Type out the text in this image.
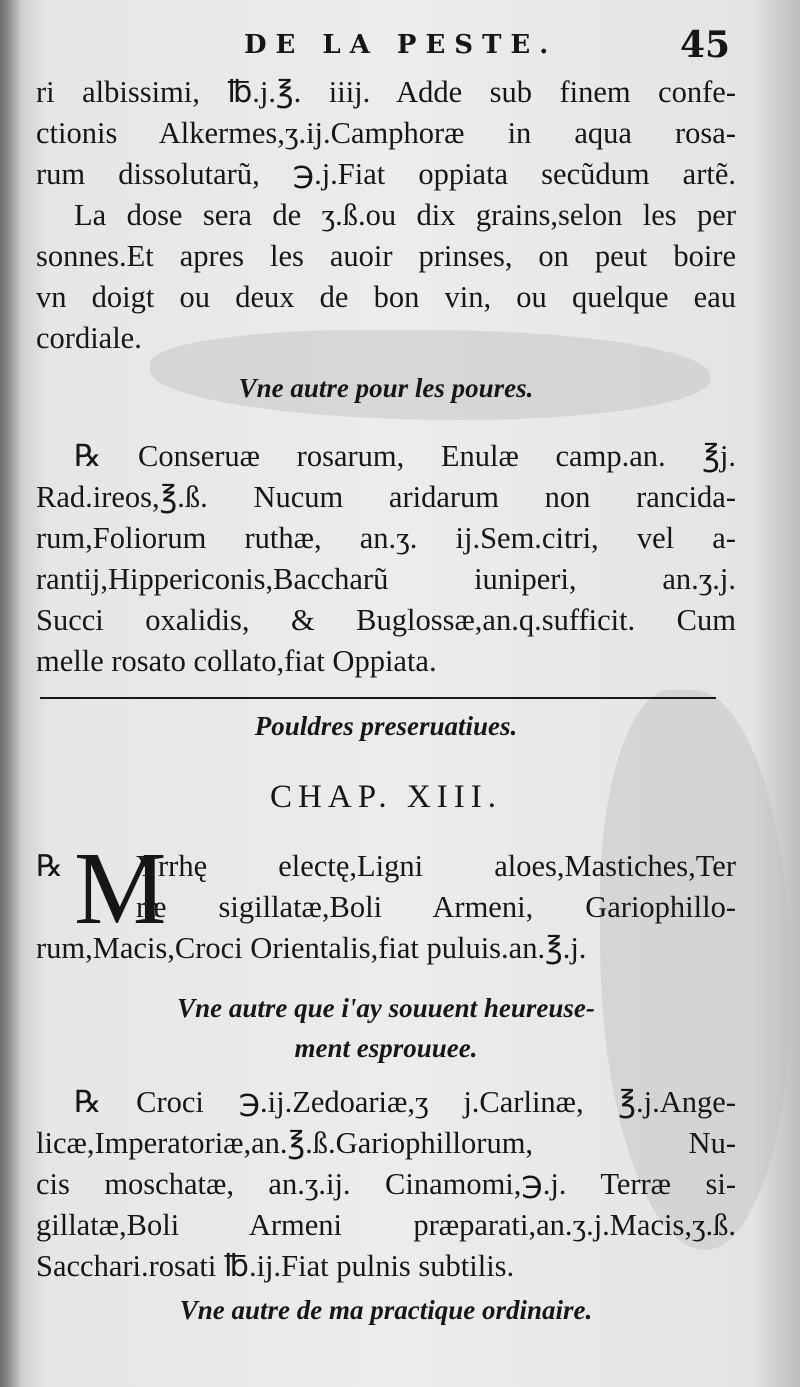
DE LA PESTE.	45
ri albissimi, ℔.j.℥. iiij. Adde sub finem confe-
ctionis Alkermes,ʒ.ij.Camphoræ in aqua rosa-
rum dissolutarũ, ℈.j.Fiat oppiata secũdum artẽ.
La dose sera de ʒ.ß.ou dix grains,selon les per
sonnes.Et apres les auoir prinses, on peut boire
vn doigt ou deux de bon vin, ou quelque eau
cordiale.
Vne autre pour les poures.
℞ Conseruæ rosarum, Enulæ camp.an. ℥j.
Rad.ireos,℥.ß. Nucum aridarum non rancida-
rum,Foliorum ruthæ, an.ʒ. ij.Sem.citri, vel a-
rantij,Hippericonis,Baccharũ iuniperi, an.ʒ.j.
Succi oxalidis, & Buglossæ,an.q.sufficit. Cum
melle rosato collato,fiat Oppiata.
Pouldres preseruatiues.
CHAP. XIII.
℞ M
Yrrhę electę,Ligni aloes,Mastiches,Ter
ræ sigillatæ,Boli Armeni, Gariophillo-
rum,Macis,Croci Orientalis,fiat puluis.an.℥.j.
Vne autre que i'ay souuent heureuse-
ment esprouuee.
℞ Croci ℈.ij.Zedoariæ,ʒ j.Carlinæ, ℥.j.Ange-
licæ,Imperatoriæ,an.℥.ß.Gariophillorum, Nu-
cis moschatæ, an.ʒ.ij. Cinamomi,℈.j. Terræ si-
gillatæ,Boli Armeni præparati,an.ʒ.j.Macis,ʒ.ß.
Sacchari.rosati ℔.ij.Fiat pulnis subtilis.
Vne autre de ma practique ordinaire.
